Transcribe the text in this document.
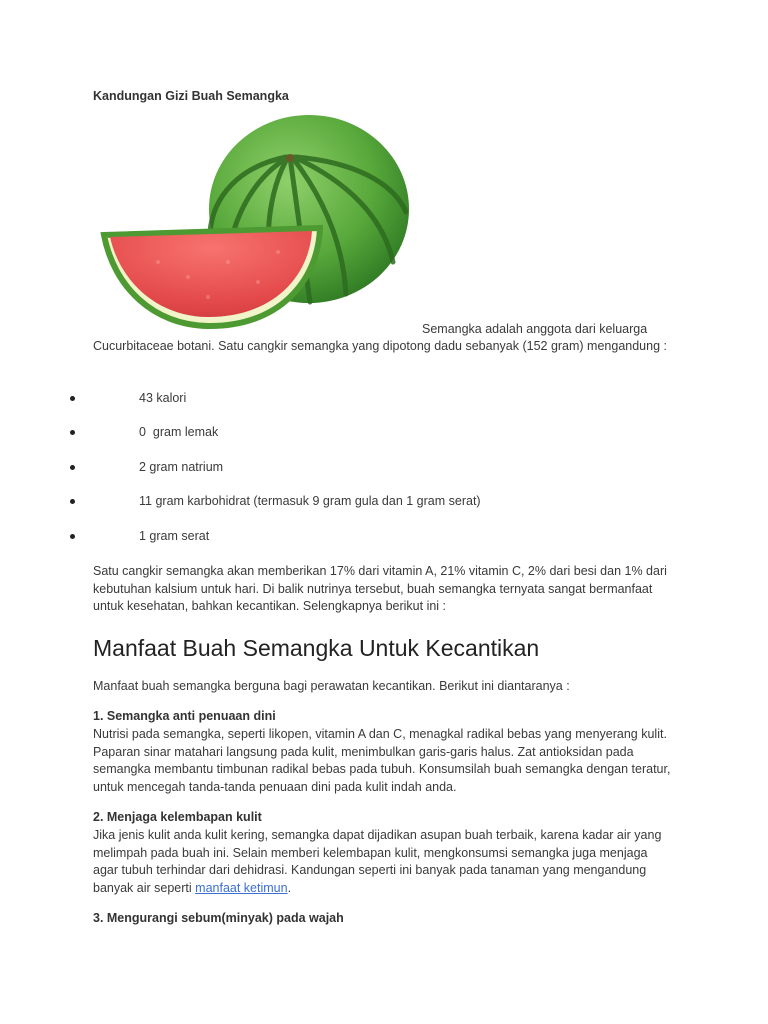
Kandungan Gizi Buah Semangka
Semangka adalah anggota dari keluarga
Cucurbitaceae botani. Satu cangkir semangka yang dipotong dadu sebanyak (152 gram) mengandung :
43 kalori
0  gram lemak
2 gram natrium
11 gram karbohidrat (termasuk 9 gram gula dan 1 gram serat)
1 gram serat
Satu cangkir semangka akan memberikan 17% dari vitamin A, 21% vitamin C, 2% dari besi dan 1% dari kebutuhan kalsium untuk hari. Di balik nutrinya tersebut, buah semangka ternyata sangat bermanfaat untuk kesehatan, bahkan kecantikan. Selengkapnya berikut ini :
Manfaat Buah Semangka Untuk Kecantikan
Manfaat buah semangka berguna bagi perawatan kecantikan. Berikut ini diantaranya :
1. Semangka anti penuaan dini
Nutrisi pada semangka, seperti likopen, vitamin A dan C, menagkal radikal bebas yang menyerang kulit. Paparan sinar matahari langsung pada kulit, menimbulkan garis-garis halus. Zat antioksidan pada semangka membantu timbunan radikal bebas pada tubuh. Konsumsilah buah semangka dengan teratur, untuk mencegah tanda-tanda penuaan dini pada kulit indah anda.
2. Menjaga kelembapan kulit
Jika jenis kulit anda kulit kering, semangka dapat dijadikan asupan buah terbaik, karena kadar air yang melimpah pada buah ini. Selain memberi kelembapan kulit, mengkonsumsi semangka juga menjaga agar tubuh terhindar dari dehidrasi. Kandungan seperti ini banyak pada tanaman yang mengandung banyak air seperti manfaat ketimun.
3. Mengurangi sebum(minyak) pada wajah
